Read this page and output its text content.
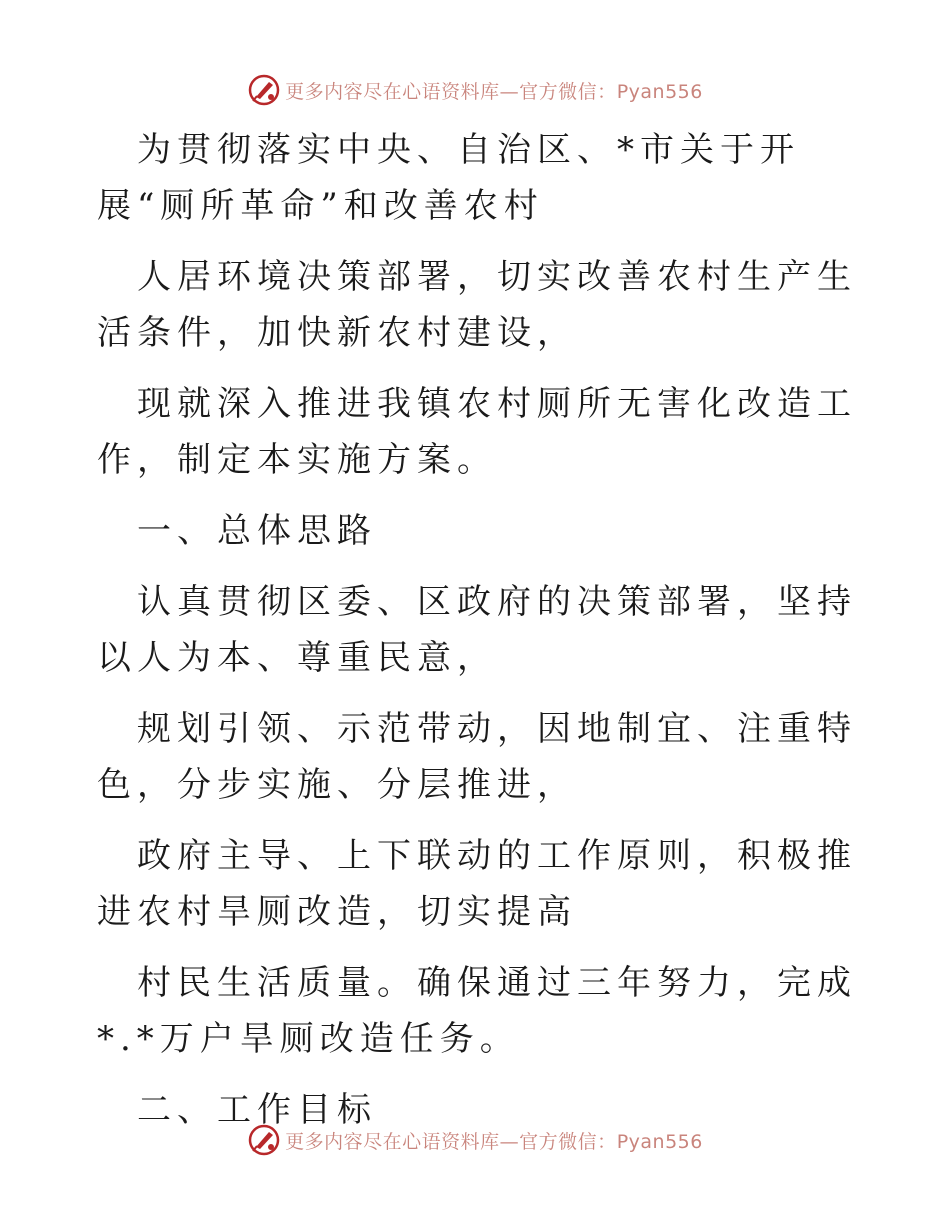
更多内容尽在心语资料库—官方微信：Pyan556

为贯彻落实中央、自治区、*市关于开展“厕所革命”和改善农村

人居环境决策部署，切实改善农村生产生活条件，加快新农村建设，

现就深入推进我镇农村厕所无害化改造工作，制定本实施方案。

一、总体思路

认真贯彻区委、区政府的决策部署，坚持以人为本、尊重民意，

规划引领、示范带动，因地制宜、注重特色，分步实施、分层推进，

政府主导、上下联动的工作原则，积极推进农村旱厕改造，切实提高

村民生活质量。确保通过三年努力，完成*.*万户旱厕改造任务。

二、工作目标

更多内容尽在心语资料库—官方微信：Pyan556
